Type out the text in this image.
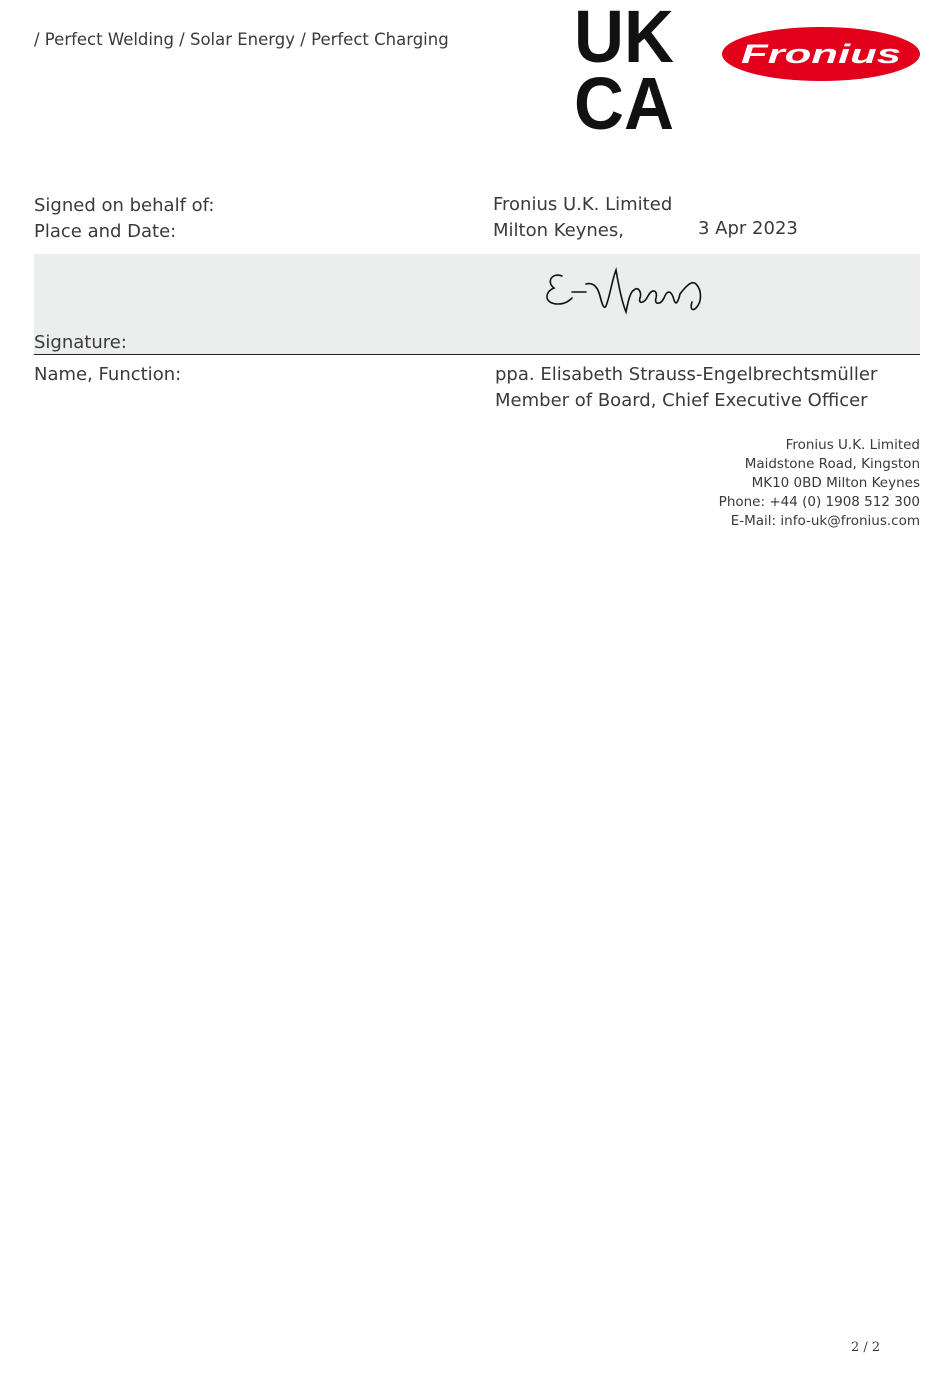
/ Perfect Welding / Solar Energy / Perfect Charging UK
CA
Fronius
Signed on behalf of:	Fronius U.K. Limited
Place and Date:	Milton Keynes,	3 Apr 2023
Signature:
Name, Function:	ppa. Elisabeth Strauss-Engelbrechtsmüller
Member of Board, Chief Executive Officer
Fronius U.K. Limited
Maidstone Road, Kingston
MK10 0BD Milton Keynes
Phone: +44 (0) 1908 512 300
E-Mail: info-uk@fronius.com
2 / 2
